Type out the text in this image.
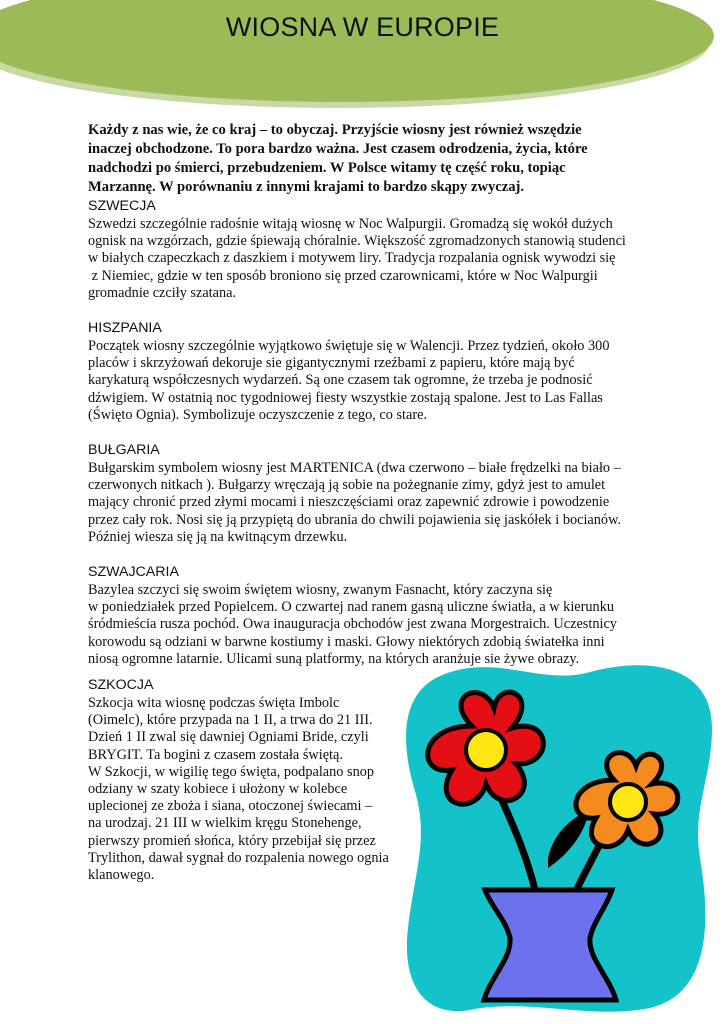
WIOSNA W EUROPIE

Każdy z nas wie, że co kraj – to obyczaj. Przyjście wiosny jest również wszędzie
inaczej obchodzone. To pora bardzo ważna. Jest czasem odrodzenia, życia, które
nadchodzi po śmierci, przebudzeniem. W Polsce witamy tę część roku, topiąc
Marzannę. W porównaniu z innymi krajami to bardzo skąpy zwyczaj.

SZWECJA
Szwedzi szczególnie radośnie witają wiosnę w Noc Walpurgii. Gromadzą się wokół dużych
ognisk na wzgórzach, gdzie śpiewają chóralnie. Większość zgromadzonych stanowią studenci
w białych czapeczkach z daszkiem i motywem liry. Tradycja rozpalania ognisk wywodzi się
z Niemiec, gdzie w ten sposób broniono się przed czarownicami, które w Noc Walpurgii
gromadnie czciły szatana.
HISZPANIA
Początek wiosny szczególnie wyjątkowo świętuje się w Walencji. Przez tydzień, około 300
placów i skrzyżowań dekoruje sie gigantycznymi rzeźbami z papieru, które mają być
karykaturą współczesnych wydarzeń. Są one czasem tak ogromne, że trzeba je podnosić
dźwigiem. W ostatnią noc tygodniowej fiesty wszystkie zostają spalone. Jest to Las Fallas
(Święto Ognia). Symbolizuje oczyszczenie z tego, co stare.
BUŁGARIA
Bułgarskim symbolem wiosny jest MARTENICA (dwa czerwono – białe frędzelki na biało –
czerwonych nitkach ). Bułgarzy wręczają ją sobie na pożegnanie zimy, gdyż jest to amulet
mający chronić przed złymi mocami i nieszczęściami oraz zapewnić zdrowie i powodzenie
przez cały rok. Nosi się ją przypiętą do ubrania do chwili pojawienia się jaskółek i bocianów.
Później wiesza się ją na kwitnącym drzewku.
SZWAJCARIA
Bazylea szczyci się swoim świętem wiosny, zwanym Fasnacht, który zaczyna się
w poniedziałek przed Popielcem. O czwartej nad ranem gasną uliczne światła, a w kierunku
śródmieścia rusza pochód. Owa inauguracja obchodów jest zwana Morgestraich. Uczestnicy
korowodu są odziani w barwne kostiumy i maski. Głowy niektórych zdobią światełka inni
niosą ogromne latarnie. Ulicami suną platformy, na których aranżuje sie żywe obrazy.
SZKOCJA
Szkocja wita wiosnę podczas święta Imbolc
(Oimelc), które przypada na 1 II, a trwa do 21 III.
Dzień 1 II zwal się dawniej Ogniami Bride, czyli
BRYGIT. Ta bogini z czasem została świętą.
W Szkocji, w wigilię tego święta, podpalano snop
odziany w szaty kobiece i ułożony w kolebce
uplecionej ze zboża i siana, otoczonej świecami –
na urodzaj. 21 III w wielkim kręgu Stonehenge,
pierwszy promień słońca, który przebijał się przez
Trylithon, dawał sygnał do rozpalenia nowego ognia
klanowego.
